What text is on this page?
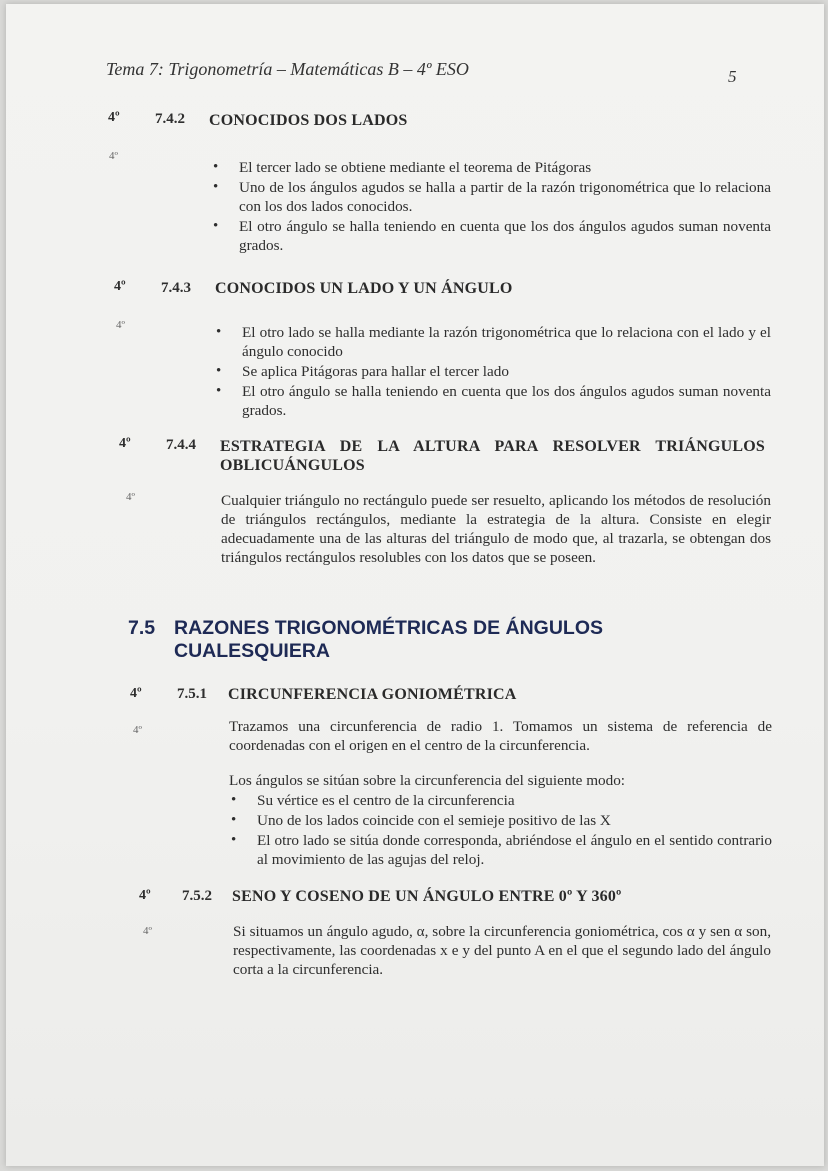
Tema 7: Trigonometría – Matemáticas B – 4º ESO	5
4º 7.4.2 CONOCIDOS DOS LADOS
4º
• El tercer lado se obtiene mediante el teorema de Pitágoras
• Uno de los ángulos agudos se halla a partir de la razón trigonométrica que lo relaciona con los dos lados conocidos.
• El otro ángulo se halla teniendo en cuenta que los dos ángulos agudos suman noventa grados.
4º 7.4.3 CONOCIDOS UN LADO Y UN ÁNGULO
4º
•	El otro lado se halla mediante la razón trigonométrica que lo relaciona con el lado y el ángulo conocido
• Se aplica Pitágoras para hallar el tercer lado
• El otro ángulo se halla teniendo en cuenta que los dos ángulos agudos suman noventa grados.
4º 7.4.4 ESTRATEGIA DE LA ALTURA PARA RESOLVER TRIÁNGULOS OBLICUÁNGULOS
4º	Cualquier triángulo no rectángulo puede ser resuelto, aplicando los métodos de resolución de triángulos rectángulos, mediante la estrategia de la altura. Consiste en elegir adecuadamente una de las alturas del triángulo de modo que, al trazarla, se obtengan dos triángulos rectángulos resolubles con los datos que se poseen.
7.5 RAZONES TRIGONOMÉTRICAS DE ÁNGULOS CUALESQUIERA
4º 7.5.1 CIRCUNFERENCIA GONIOMÉTRICA
4º	Trazamos una circunferencia de radio 1. Tomamos un sistema de referencia de coordenadas con el origen en el centro de la circunferencia.
Los ángulos se sitúan sobre la circunferencia del siguiente modo:
• Su vértice es el centro de la circunferencia
• Uno de los lados coincide con el semieje positivo de las X
• El otro lado se sitúa donde corresponda, abriéndose el ángulo en el sentido contrario al movimiento de las agujas del reloj.
4º 7.5.2 SENO Y COSENO DE UN ÁNGULO ENTRE 0º Y 360º
4º	Si situamos un ángulo agudo, α, sobre la circunferencia goniométrica, cos α y sen α son, respectivamente, las coordenadas x e y del punto A en el que el segundo lado del ángulo corta a la circunferencia.
